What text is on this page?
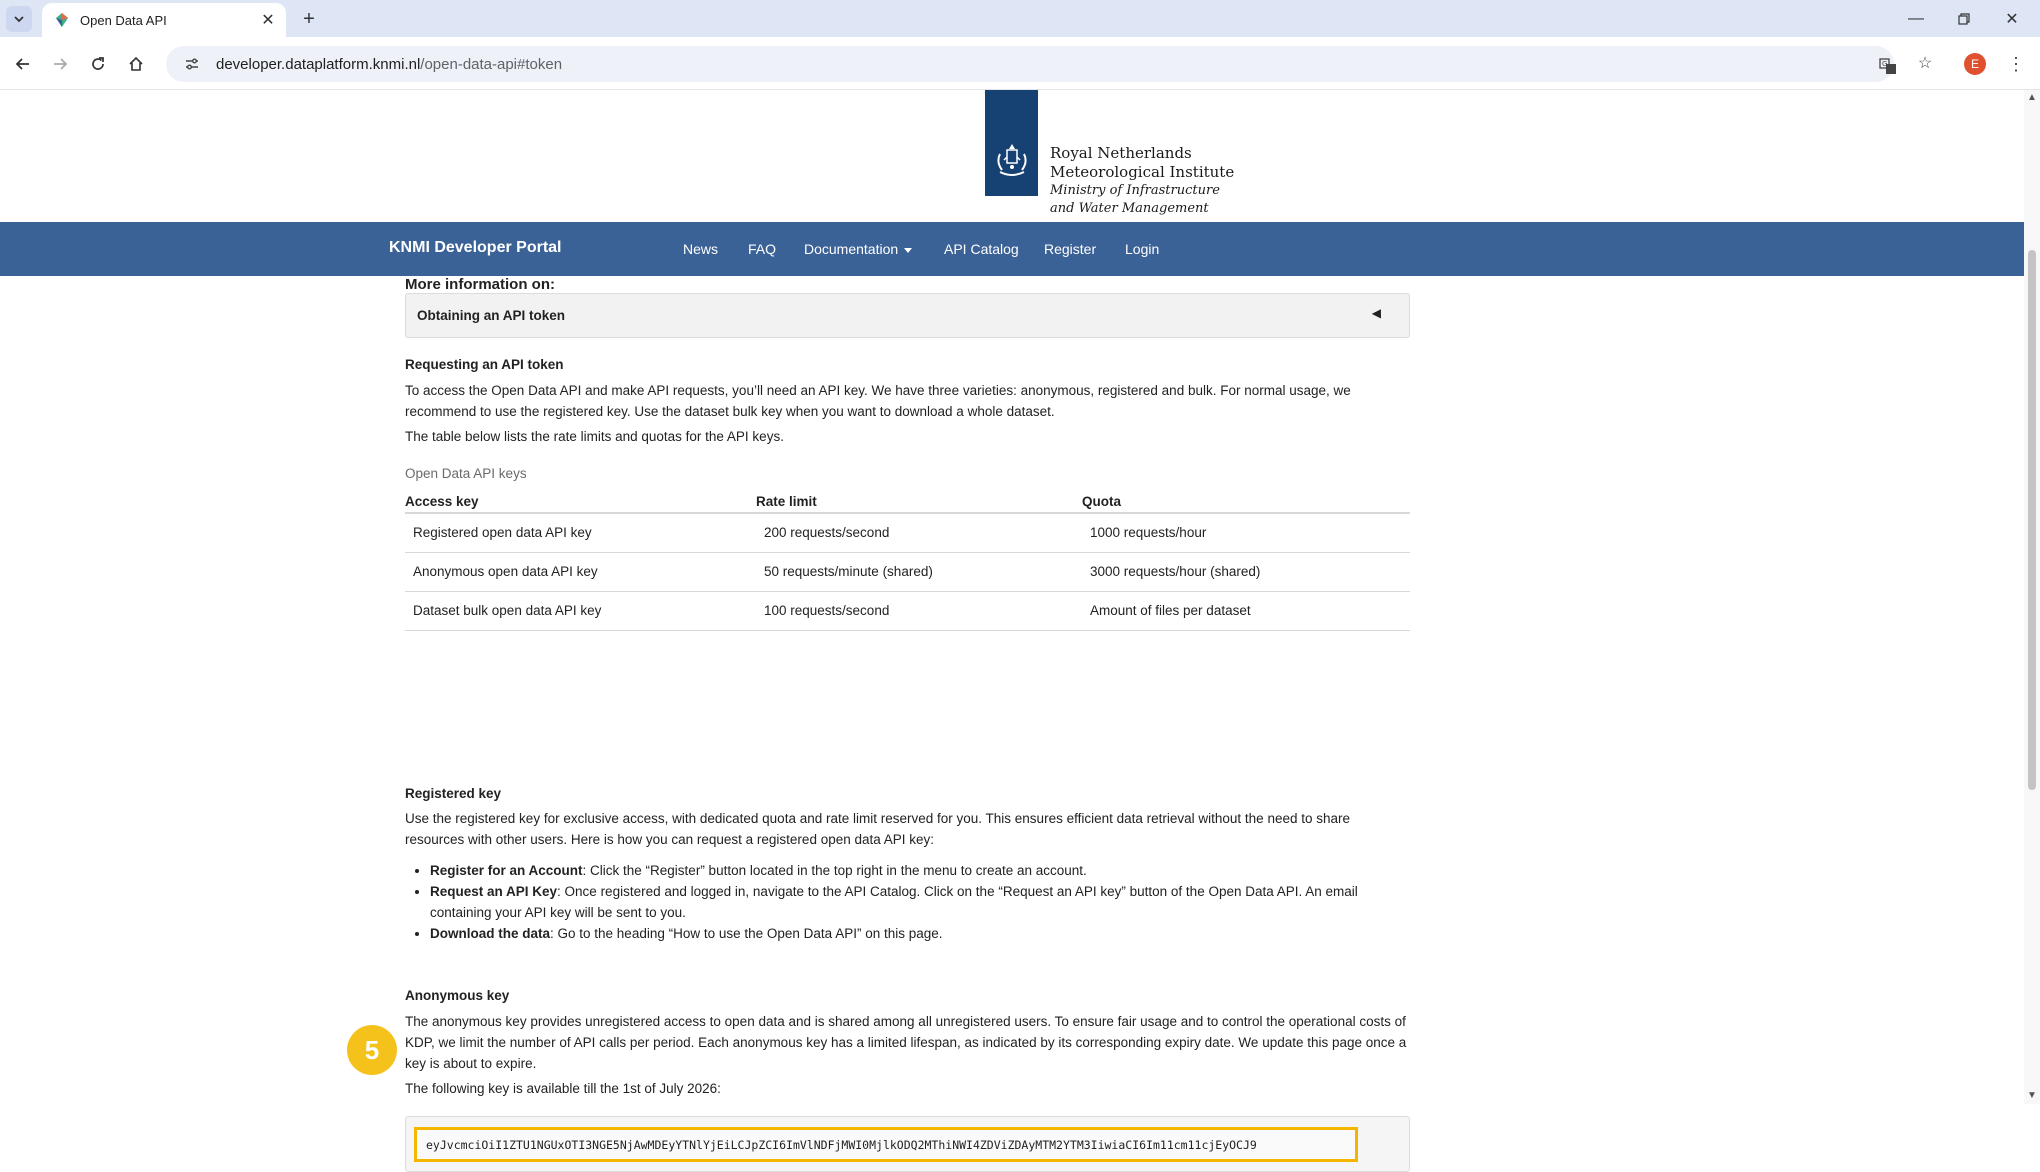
Open Data API	✕	+	—	✕
developer.dataplatform.knmi.nl/open-data-api#token	G	☆	E	⋮
Royal Netherlands
Meteorological Institute
Ministry of Infrastructure
and Water Management
KNMI Developer Portal	News FAQ Documentation	API Catalog Register Login
More information on:
Obtaining an API token	◀
Requesting an API token
To access the Open Data API and make API requests, you’ll need an API key. We have three varieties: anonymous, registered and bulk. For normal usage, we recommend to use the registered key. Use the dataset bulk key when you want to download a whole dataset.
The table below lists the rate limits and quotas for the API keys.
Open Data API keys
Access key	Rate limit	Quota
Registered open data API key	200 requests/second	1000 requests/hour
Anonymous open data API key	50 requests/minute (shared)	3000 requests/hour (shared)
Dataset bulk open data API key	100 requests/second	Amount of files per dataset
Registered key
Use the registered key for exclusive access, with dedicated quota and rate limit reserved for you. This ensures efficient data retrieval without the need to share resources with other users. Here is how you can request a registered open data API key:
• Register for an Account: Click the “Register” button located in the top right in the menu to create an account.
• Request an API Key: Once registered and logged in, navigate to the API Catalog. Click on the “Request an API key” button of the Open Data API. An email containing your API key will be sent to you.
• Download the data: Go to the heading “How to use the Open Data API” on this page.
Anonymous key
The anonymous key provides unregistered access to open data and is shared among all unregistered users. To ensure fair usage and to control the operational costs of KDP, we limit the number of API calls per period. Each anonymous key has a limited lifespan, as indicated by its corresponding expiry date. We update this page once a key is about to expire.
The following key is available till the 1st of July 2026:
eyJvcmciOiI1ZTU1NGUxOTI3NGE5NjAwMDEyYTNlYjEiLCJpZCI6ImVlNDFjMWI0MjlkODQ2MThiNWI4ZDViZDAyMTM2YTM3IiwiaCI6Im11cm11cjEyOCJ9
5
▲
▼
